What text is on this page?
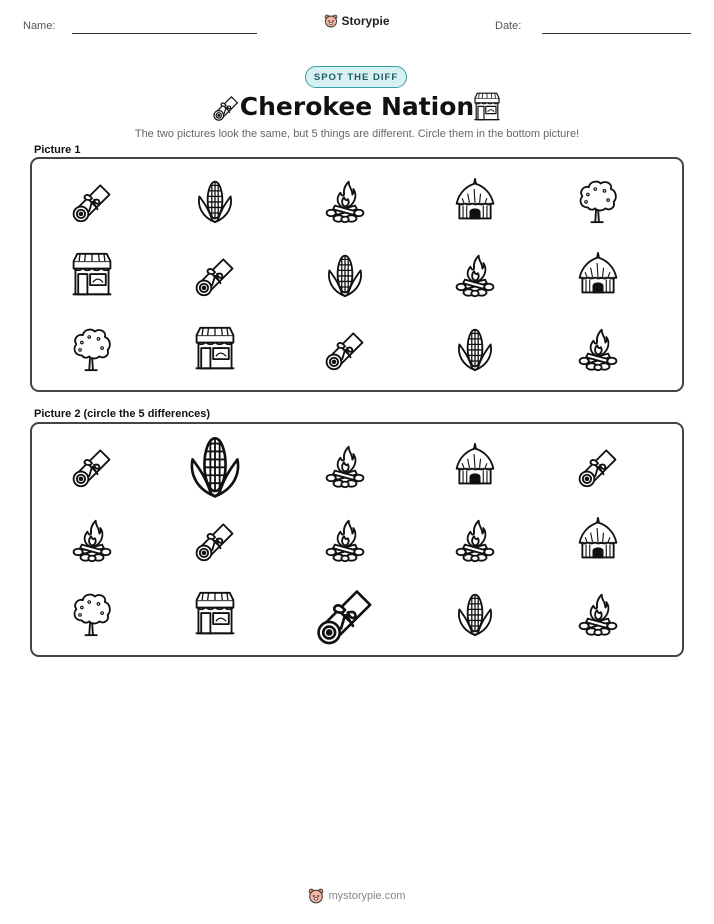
Name:	Storypie	Date:
SPOT THE DIFF
Cherokee Nation
The two pictures look the same, but 5 things are different. Circle them in the bottom picture!
Picture 1
Picture 2 (circle the 5 differences)
mystorypie.com
